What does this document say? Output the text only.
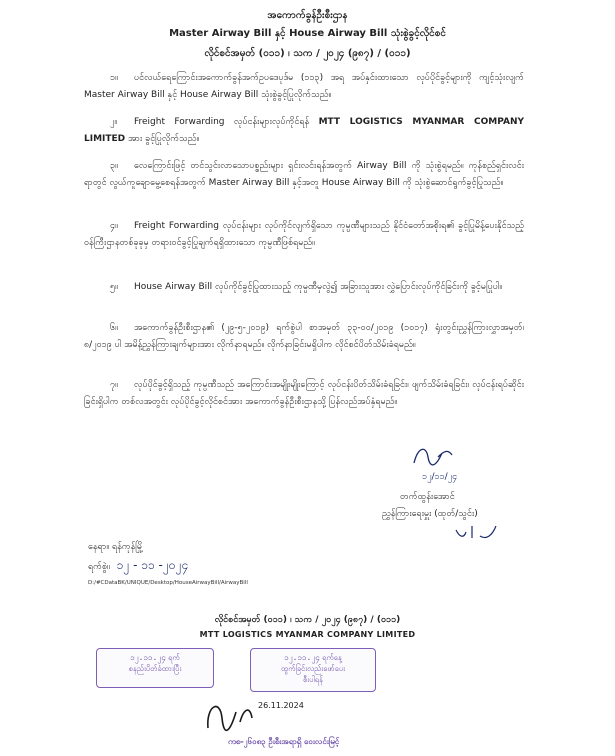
အကောက်ခွန်ဦးစီးဌာန
Master Airway Bill နှင့် House Airway Bill သုံးစွဲခွင့်လိုင်စင်
လိုင်စင်အမှတ် (၀၁၁) ၊ သက / ၂၀၂၄ (၉၈၇) / (၀၁၁)
၁။ ပင်လယ်ရေကြောင်းအကောက်ခွန်အက်ဥပဒေပုဒ်မ (၁၁၃) အရ အပ်နှင်းထားသော လုပ်ပိုင်ခွင့်များကို ကျင့်သုံးလျက် Master Airway Bill နှင့် House Airway Bill သုံးစွဲခွင့်ပြုလိုက်သည်။
၂။ Freight Forwarding လုပ်ငန်းများလုပ်ကိုင်ရန် MTT LOGISTICS MYANMAR COMPANY LIMITED အား ခွင့်ပြုလိုက်သည်။
၃။ လေကြောင်းဖြင့် တင်သွင်းလာသောပစ္စည်းများ ရှင်းလင်းရန်အတွက် Airway Bill ကို သုံးစွဲရမည်။ ကုန်စည်ရှင်းလင်းရာတွင် လွယ်ကူချောမွေ့စေရန်အတွက် Master Airway Bill နှင့်အတူ House Airway Bill ကို သုံးစွဲဆောင်ရွက်ခွင့်ပြုသည်။
၄။ Freight Forwarding လုပ်ငန်းများ လုပ်ကိုင်လျက်ရှိသော ကုမ္ပဏီများသည် နိုင်ငံတော်အစိုးရ၏ ခွင့်ပြုမိန့်ပေးနိုင်သည့် ဝန်ကြီးဌာနတစ်ခုခုမှ တရားဝင်ခွင့်ပြုချက်ရရှိထားသော ကုမ္ပဏီဖြစ်ရမည်။
၅။ House Airway Bill လုပ်ကိုင်ခွင့်ပြုထားသည့် ကုမ္ပဏီမှလွဲ၍ အခြားသူအား လွှဲပြောင်းလုပ်ကိုင်ခြင်းကို ခွင့်မပြုပါ။
၆။ အကောက်ခွန်ဦးစီးဌာန၏ (၂၉-၅-၂၀၁၉) ရက်စွဲပါ စာအမှတ် ၃၃-၀၀/၂၀၁၉ (၁၀၁၇) ရုံးတွင်းညွှန်ကြားလွှာအမှတ်၊ ၈/၂၀၁၉ ပါ အမိန့်ညွှန်ကြားချက်များအား လိုက်နာရမည်။ လိုက်နာခြင်းမရှိပါက လိုင်စင်ပိတ်သိမ်းခံရမည်။
၇။ လုပ်ပိုင်ခွင့်ရှိသည့် ကုမ္ပဏီသည် အကြောင်းအမျိုးမျိုးကြောင့် လုပ်ငန်းပိတ်သိမ်းခံရခြင်း၊ ဖျက်သိမ်းခံရခြင်း၊ လုပ်ငန်းရပ်ဆိုင်းခြင်းရှိပါက တစ်လအတွင်း လုပ်ပိုင်ခွင့်လိုင်စင်အား အကောက်ခွန်ဦးစီးဌာနသို့ ပြန်လည်အပ်နှံရမည်။
၁၂/၁၁/၂၄
တက်ထွန်းအောင်
ညွှန်ကြားရေးမှူး (ထုတ်/သွင်း)
နေရာ။ ရန်ကုန်မြို့
ရက်စွဲ။ ၁၂ - ၁၁ -၂၀၂၄
D:/#CDataBK/UNIQUE/Desktop/HouseAirwayBill/AirwayBill
လိုင်စင်အမှတ် (၀၁၁) ၊ သက / ၂၀၂၄ (၉၈၇) / (၀၁၁)
MTT LOGISTICS MYANMAR COMPANY LIMITED
၁၂.၁၁.၂၄ ရက်
စနည်းပိတ်ခံထားပြီး
၁၂.၁၁.၂၄ ရက်နေ့
ထွက်ခြင်းလည်းဖော်ပေး
စီးပါရန်
26.11.2024
ကစ-၂၆၀၈၃ ဦးစီးအရာရှိ ဝေးလင်းမြင့်
